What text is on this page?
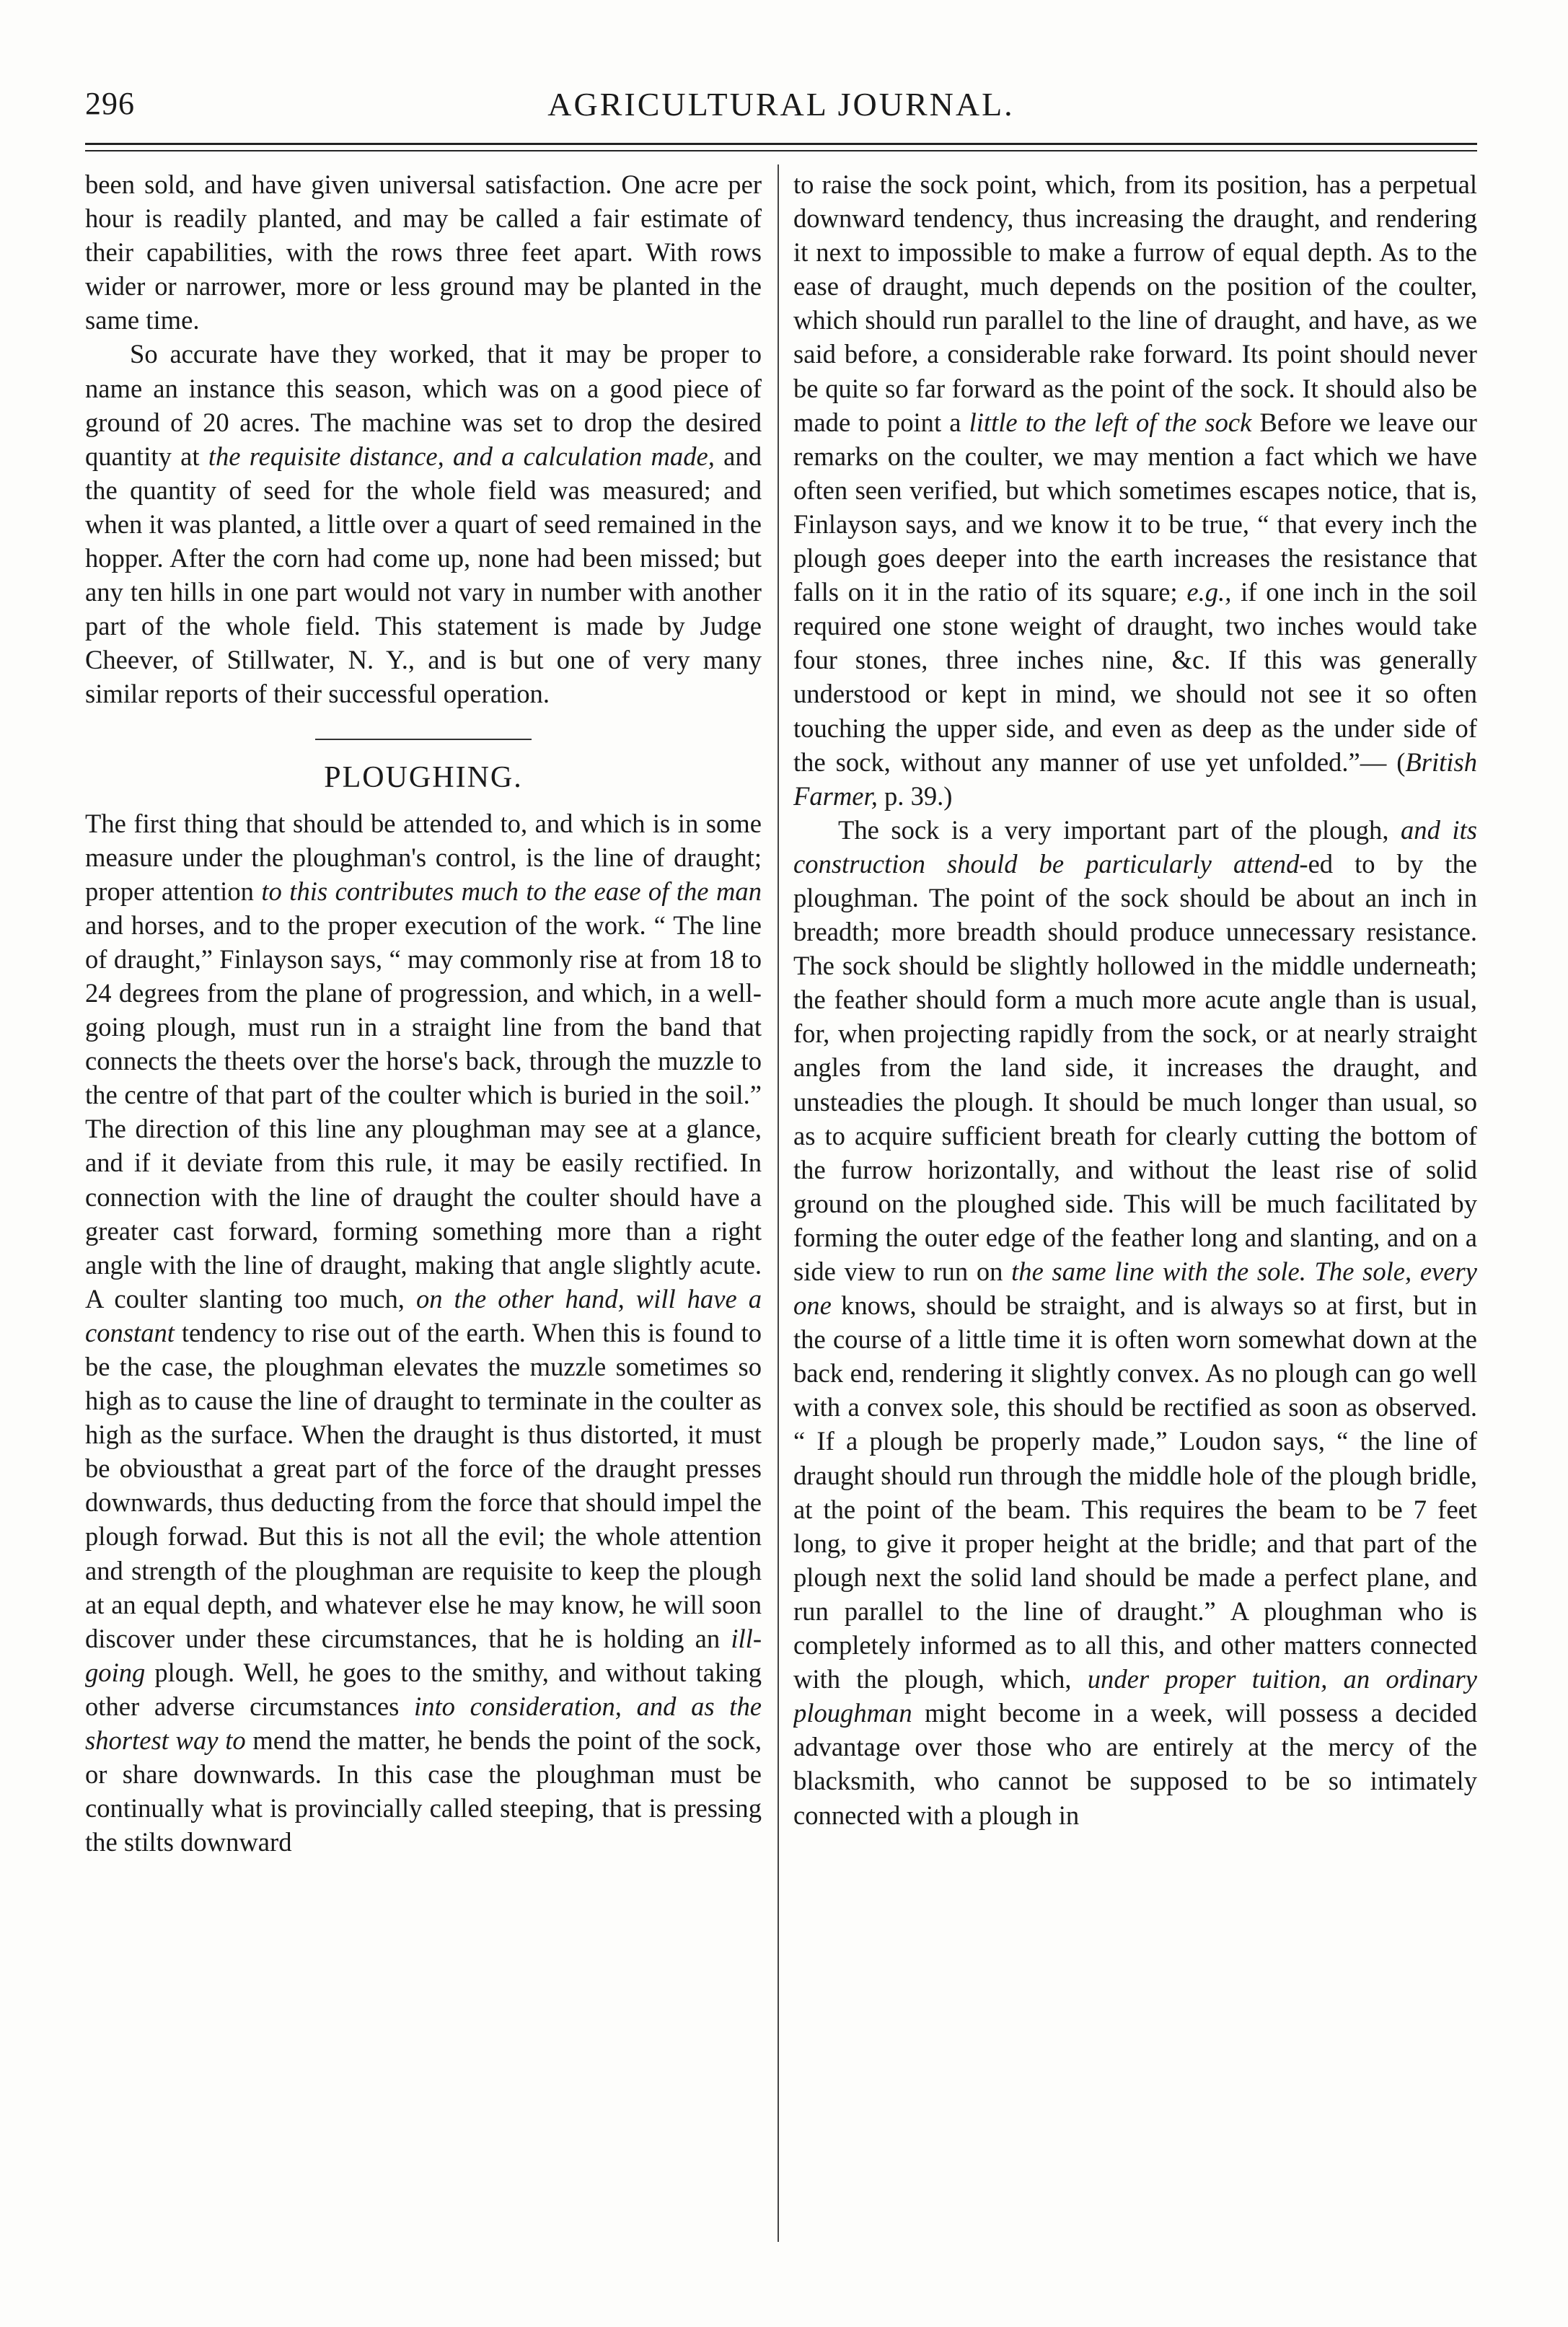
296	AGRICULTURAL JOURNAL.

been sold, and have given universal satisfaction. One acre per hour is readily planted, and may be called a fair estimate of their capabilities, with the rows three feet apart. With rows wider or narrower, more or less ground may be planted in the same time.

So accurate have they worked, that it may be proper to name an instance this season, which was on a good piece of ground of 20 acres. The machine was set to drop the desired quantity at the requisite distance, and a calculation made, and the quantity of seed for the whole field was measured; and when it was planted, a little over a quart of seed remained in the hopper. After the corn had come up, none had been missed; but any ten hills in one part would not vary in number with another part of the whole field. This statement is made by Judge Cheever, of Stillwater, N. Y., and is but one of very many similar reports of their successful operation.

PLOUGHING.

The first thing that should be attended to, and which is in some measure under the ploughman's control, is the line of draught; proper attention to this contributes much to the ease of the man and horses, and to the proper execution of the work. “ The line of draught,” Finlayson says, “ may commonly rise at from 18 to 24 degrees from the plane of progression, and which, in a well-going plough, must run in a straight line from the band that connects the theets over the horse's back, through the muzzle to the centre of that part of the coulter which is buried in the soil.” The direction of this line any ploughman may see at a glance, and if it deviate from this rule, it may be easily rectified. In connection with the line of draught the coulter should have a greater cast forward, forming something more than a right angle with the line of draught, making that angle slightly acute. A coulter slanting too much, on the other hand, will have a constant tendency to rise out of the earth. When this is found to be the case, the ploughman elevates the muzzle sometimes so high as to cause the line of draught to terminate in the coulter as high as the surface. When the draught is thus distorted, it must be obviousthat a great part of the force of the draught presses downwards, thus deducting from the force that should impel the plough forwad. But this is not all the evil; the whole attention and strength of the ploughman are requisite to keep the plough at an equal depth, and whatever else he may know, he will soon discover under these circumstances, that he is holding an ill-going plough. Well, he goes to the smithy, and without taking other adverse circumstances into consideration, and as the shortest way to mend the matter, he bends the point of the sock, or share downwards. In this case the ploughman must be continually what is provincially called steeping, that is pressing the stilts downward

to raise the sock point, which, from its position, has a perpetual downward tendency, thus increasing the draught, and rendering it next to impossible to make a furrow of equal depth. As to the ease of draught, much depends on the position of the coulter, which should run parallel to the line of draught, and have, as we said before, a considerable rake forward. Its point should never be quite so far forward as the point of the sock. It should also be made to point a little to the left of the sock Before we leave our remarks on the coulter, we may mention a fact which we have often seen verified, but which sometimes escapes notice, that is, Finlayson says, and we know it to be true, “ that every inch the plough goes deeper into the earth increases the resistance that falls on it in the ratio of its square; e.g., if one inch in the soil required one stone weight of draught, two inches would take four stones, three inches nine, &c. If this was generally understood or kept in mind, we should not see it so often touching the upper side, and even as deep as the under side of the sock, without any manner of use yet unfolded.”— (British Farmer, p. 39.)

The sock is a very important part of the plough, and its construction should be particularly attend-ed to by the ploughman. The point of the sock should be about an inch in breadth; more breadth should produce unnecessary resistance. The sock should be slightly hollowed in the middle underneath; the feather should form a much more acute angle than is usual, for, when projecting rapidly from the sock, or at nearly straight angles from the land side, it increases the draught, and unsteadies the plough. It should be much longer than usual, so as to acquire sufficient breath for clearly cutting the bottom of the furrow horizontally, and without the least rise of solid ground on the ploughed side. This will be much facilitated by forming the outer edge of the feather long and slanting, and on a side view to run on the same line with the sole. The sole, every one knows, should be straight, and is always so at first, but in the course of a little time it is often worn somewhat down at the back end, rendering it slightly convex. As no plough can go well with a convex sole, this should be rectified as soon as observed. “ If a plough be properly made,” Loudon says, “ the line of draught should run through the middle hole of the plough bridle, at the point of the beam. This requires the beam to be 7 feet long, to give it proper height at the bridle; and that part of the plough next the solid land should be made a perfect plane, and run parallel to the line of draught.” A ploughman who is completely informed as to all this, and other matters connected with the plough, which, under proper tuition, an ordinary ploughman might become in a week, will possess a decided advantage over those who are entirely at the mercy of the blacksmith, who cannot be supposed to be so intimately connected with a plough in
